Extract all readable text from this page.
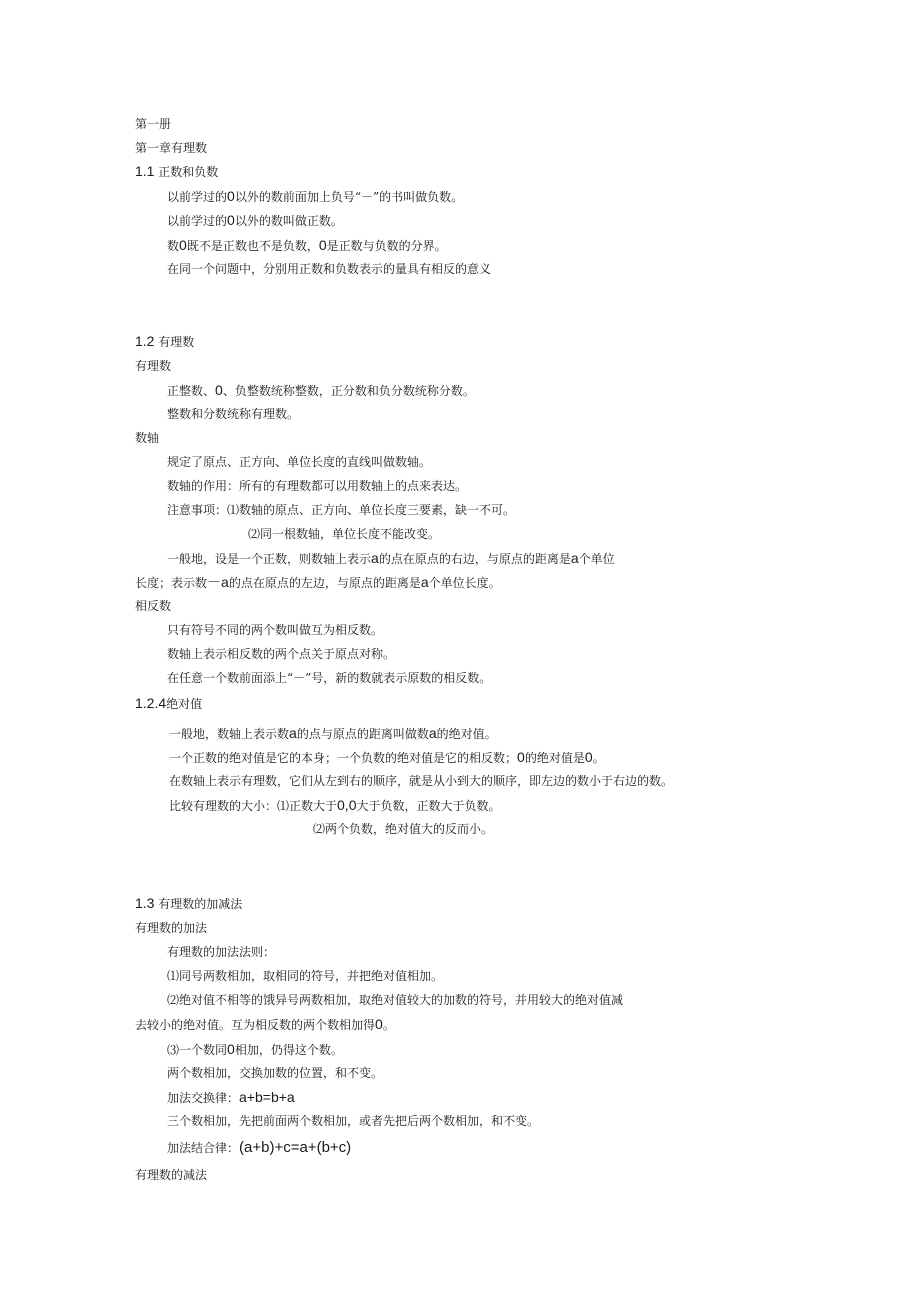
第一册
第一章有理数
1.1 正数和负数
以前学过的0以外的数前面加上负号“－”的书叫做负数。
以前学过的0以外的数叫做正数。
数0既不是正数也不是负数，0是正数与负数的分界。
在同一个问题中，分别用正数和负数表示的量具有相反的意义
1.2 有理数
有理数
正整数、0、负整数统称整数，正分数和负分数统称分数。
整数和分数统称有理数。
数轴
规定了原点、正方向、单位长度的直线叫做数轴。
数轴的作用：所有的有理数都可以用数轴上的点来表达。
注意事项：⑴数轴的原点、正方向、单位长度三要素，缺一不可。
⑵同一根数轴，单位长度不能改变。
一般地，设是一个正数，则数轴上表示a的点在原点的右边，与原点的距离是a个单位
长度；表示数－a的点在原点的左边，与原点的距离是a个单位长度。
相反数
只有符号不同的两个数叫做互为相反数。
数轴上表示相反数的两个点关于原点对称。
在任意一个数前面添上“－”号，新的数就表示原数的相反数。
1.2.4绝对值
一般地，数轴上表示数a的点与原点的距离叫做数a的绝对值。
一个正数的绝对值是它的本身；一个负数的绝对值是它的相反数；0的绝对值是0。
在数轴上表示有理数，它们从左到右的顺序，就是从小到大的顺序，即左边的数小于右边的数。
比较有理数的大小：⑴正数大于0,0大于负数，正数大于负数。
⑵两个负数，绝对值大的反而小。
1.3 有理数的加减法
有理数的加法
有理数的加法法则：
⑴同号两数相加，取相同的符号，并把绝对值相加。
⑵绝对值不相等的饿异号两数相加，取绝对值较大的加数的符号，并用较大的绝对值减
去较小的绝对值。互为相反数的两个数相加得0。
⑶一个数同0相加，仍得这个数。
两个数相加，交换加数的位置，和不变。
加法交换律：a+b=b+a
三个数相加，先把前面两个数相加，或者先把后两个数相加，和不变。
加法结合律：(a+b)+c=a+(b+c)
有理数的减法
